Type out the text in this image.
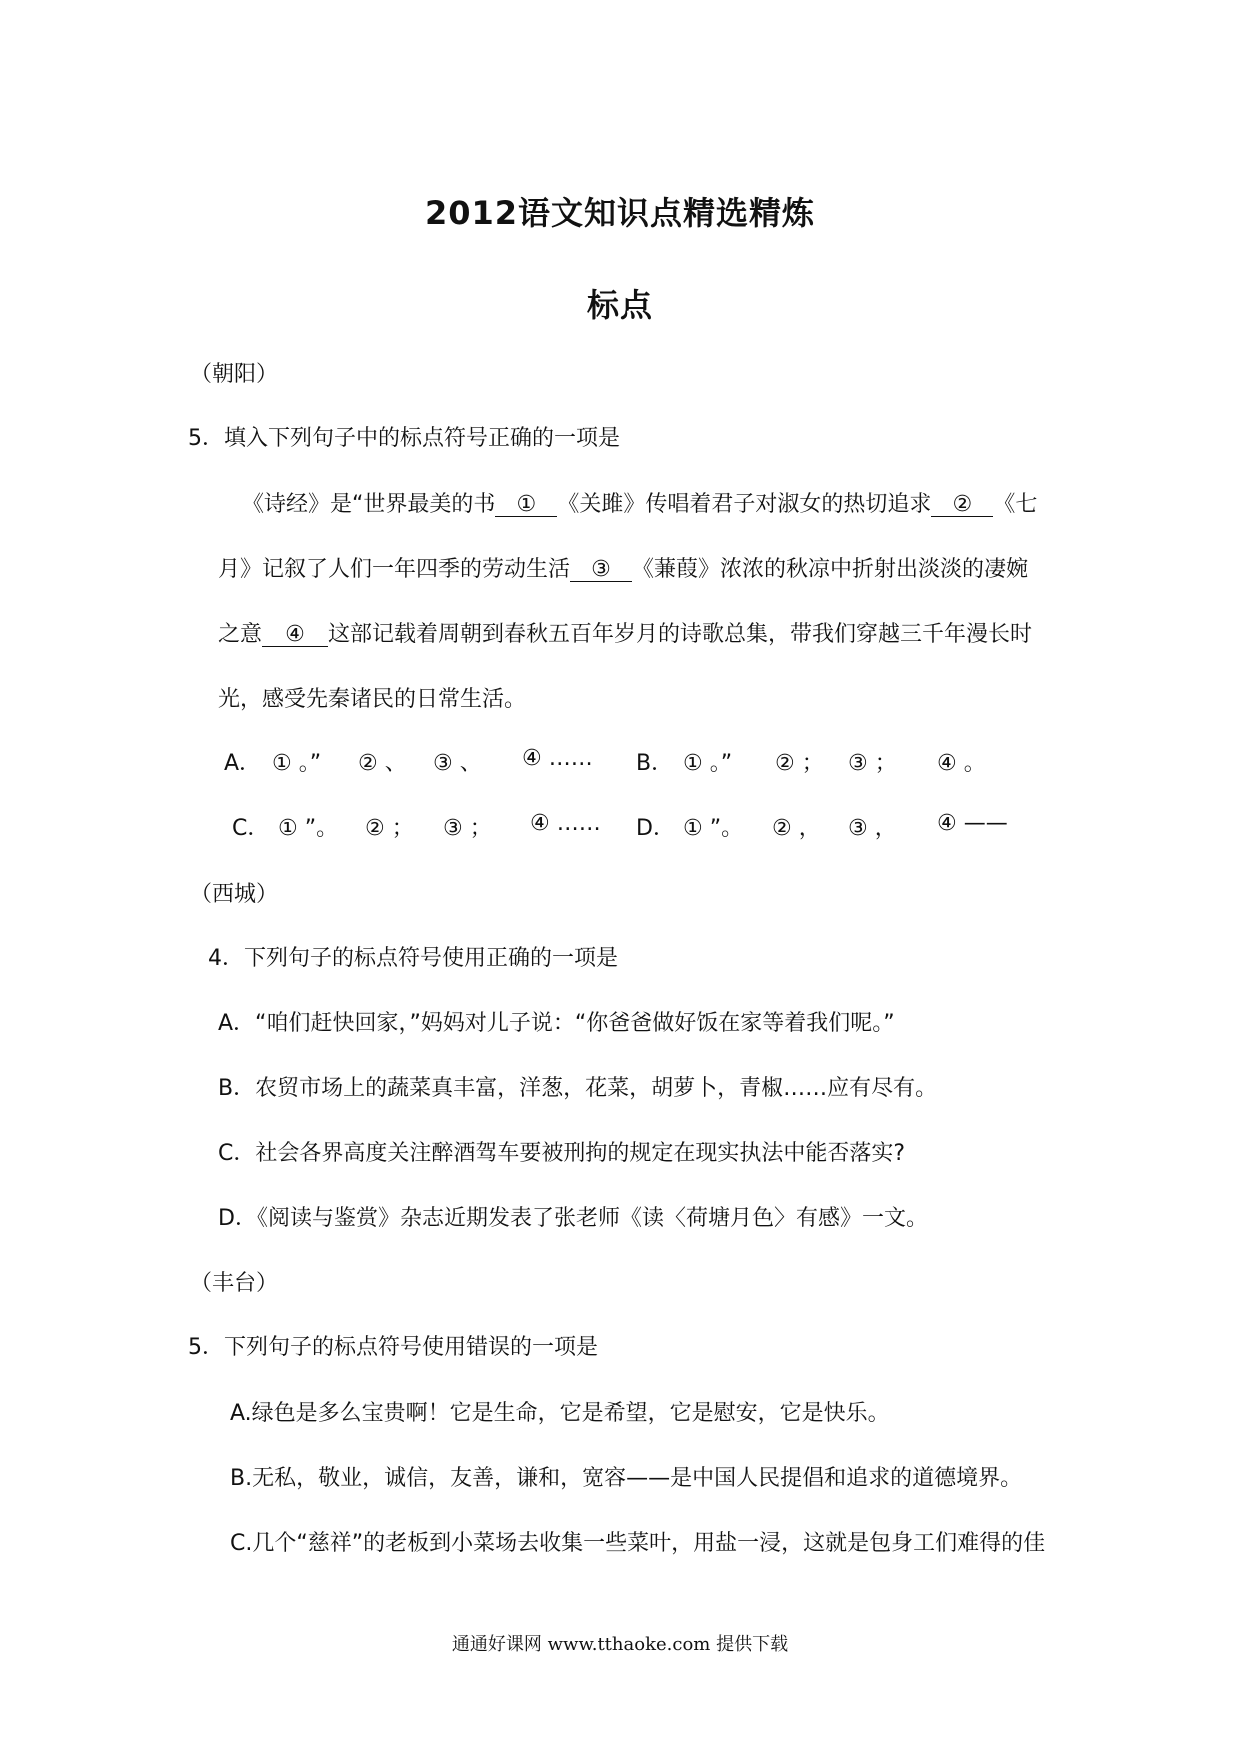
2012语文知识点精选精炼
标点
（朝阳）
5．填入下列句子中的标点符号正确的一项是
《诗经》是“世界最美的书 ① 《关雎》传唱着君子对淑女的热切追求 ② 《七
月》记叙了人们一年四季的劳动生活 ③ 《蒹葭》浓浓的秋凉中折射出淡淡的凄婉
之意 ④ 这部记载着周朝到春秋五百年岁月的诗歌总集，带我们穿越三千年漫长时
光，感受先秦诸民的日常生活。
A． ① 。” ② 、 ③ 、 ④ …… B． ① 。” ② ； ③ ； ④ 。
C． ① ”。 ② ； ③ ； ④ …… D． ① ”。 ② ， ③ ， ④ ——
（西城）
4．下列句子的标点符号使用正确的一项是
A．“咱们赶快回家，”妈妈对儿子说：“你爸爸做好饭在家等着我们呢。”
B．农贸市场上的蔬菜真丰富，洋葱，花菜，胡萝卜，青椒……应有尽有。
C．社会各界高度关注醉酒驾车要被刑拘的规定在现实执法中能否落实?
D．《阅读与鉴赏》杂志近期发表了张老师《读〈荷塘月色〉有感》一文。
（丰台）
5．下列句子的标点符号使用错误的一项是
A.绿色是多么宝贵啊！它是生命，它是希望，它是慰安，它是快乐。
B.无私，敬业，诚信，友善，谦和，宽容——是中国人民提倡和追求的道德境界。
C.几个“慈祥”的老板到小菜场去收集一些菜叶，用盐一浸，这就是包身工们难得的佳
通通好课网 www.tthaoke.com 提供下载
